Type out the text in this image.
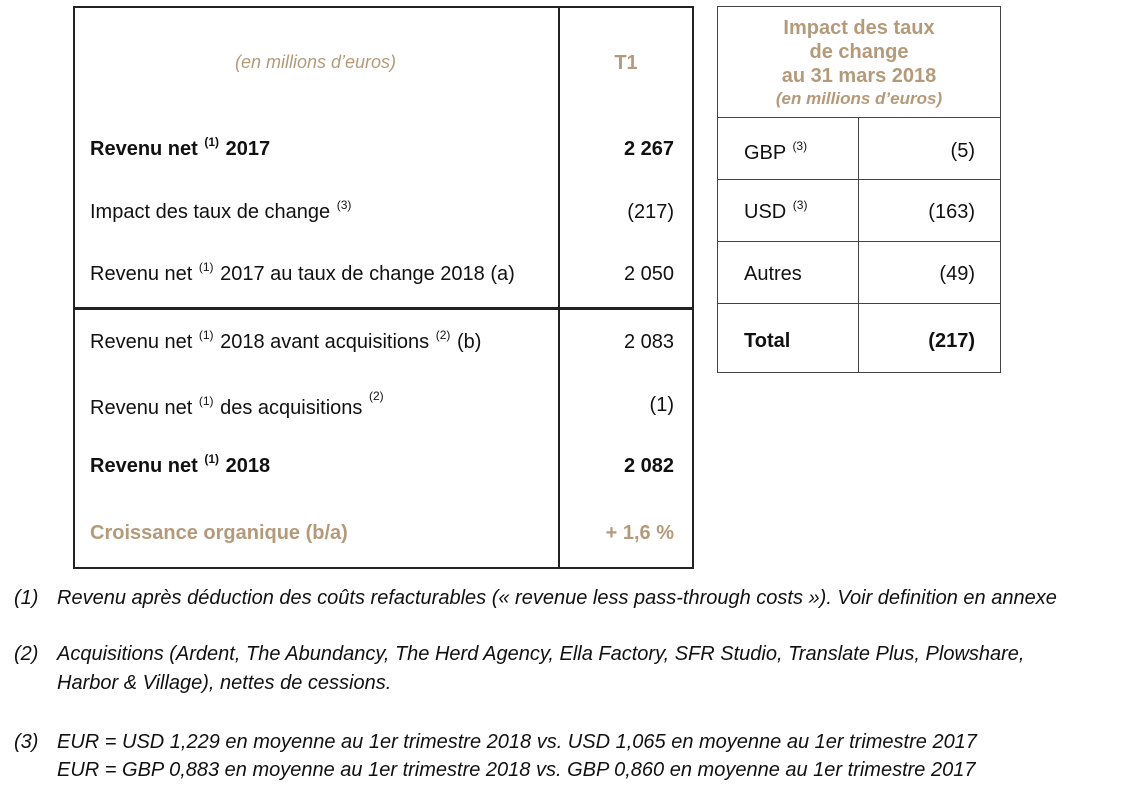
(en millions d’euros)	T1
Revenu net $^{(1)}$ 2017	2 267
Impact des taux de change $^{(3)}$	(217)
Revenu net $^{(1)}$ 2017 au taux de change 2018 (a)	2 050
Revenu net $^{(1)}$ 2018 avant acquisitions $^{(2)}$ (b)	2 083
Revenu net $^{(1)}$ des acquisitions $^{(2)}$	(1)
Revenu net $^{(1)}$ 2018	2 082
Croissance organique (b/a)	+ 1,6 %
Impact des taux
de change
au 31 mars 2018
(en millions d’euros)
GBP $^{(3)}$	(5)
USD $^{(3)}$	(163)
Autres	(49)
Total	(217)
(1) Revenu après déduction des coûts refacturables (« revenue less pass-through costs »). Voir definition en annexe
(2) Acquisitions (Ardent, The Abundancy, The Herd Agency, Ella Factory, SFR Studio, Translate Plus, Plowshare,
Harbor & Village), nettes de cessions.
(3) EUR = USD 1,229 en moyenne au 1er trimestre 2018 vs. USD 1,065 en moyenne au 1er trimestre 2017
EUR = GBP 0,883 en moyenne au 1er trimestre 2018 vs. GBP 0,860 en moyenne au 1er trimestre 2017
